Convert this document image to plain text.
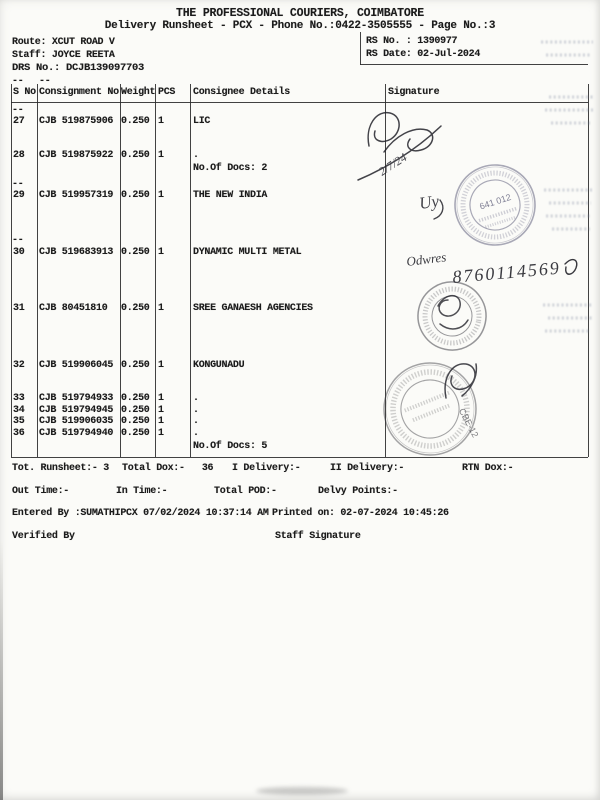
THE PROFESSIONAL COURIERS, COIMBATORE
Delivery Runsheet - PCX - Phone No.:0422-3505555 - Page No.:3
Route: XCUT ROAD V
Staff: JOYCE REETA
DRS No.: DCJB139097703
RS No. : 1390977
RS Date: 02-Jul-2024
-- --
--
--
--
S No Consignment No Weight PCS Consignee Details	Signature
27 CJB 519875906 0.250 1	LIC
28 CJB 519875922 0.250 1	.
No.Of Docs: 2
29 CJB 519957319 0.250 1	THE NEW INDIA
30 CJB 519683913 0.250 1	DYNAMIC MULTI METAL
31 CJB 80451810 0.250 1	SREE GANAESH AGENCIES
32 CJB 519906045 0.250 1	KONGUNADU
33 CJB 519794933 0.250 1	.
34 CJB 519794945 0.250 1	.
35 CJB 519906035 0.250 1	.
36 CJB 519794940 0.250 1	.
No.Of Docs: 5
Tot. Runsheet:- 3 Total Dox:-   36 I Delivery:-	II Delivery:-	RTN Dox:-
Out Time:-	In Time:-	Total POD:-	Delvy Points:-
Entered By :SUMATHIPCX 07/02/2024 10:37:14 AM Printed on: 02-07-2024 10:45:26
Verified By	Staff Signature
2/7/24
Uy	641 012
Odwres 8760114569
CBE-12
